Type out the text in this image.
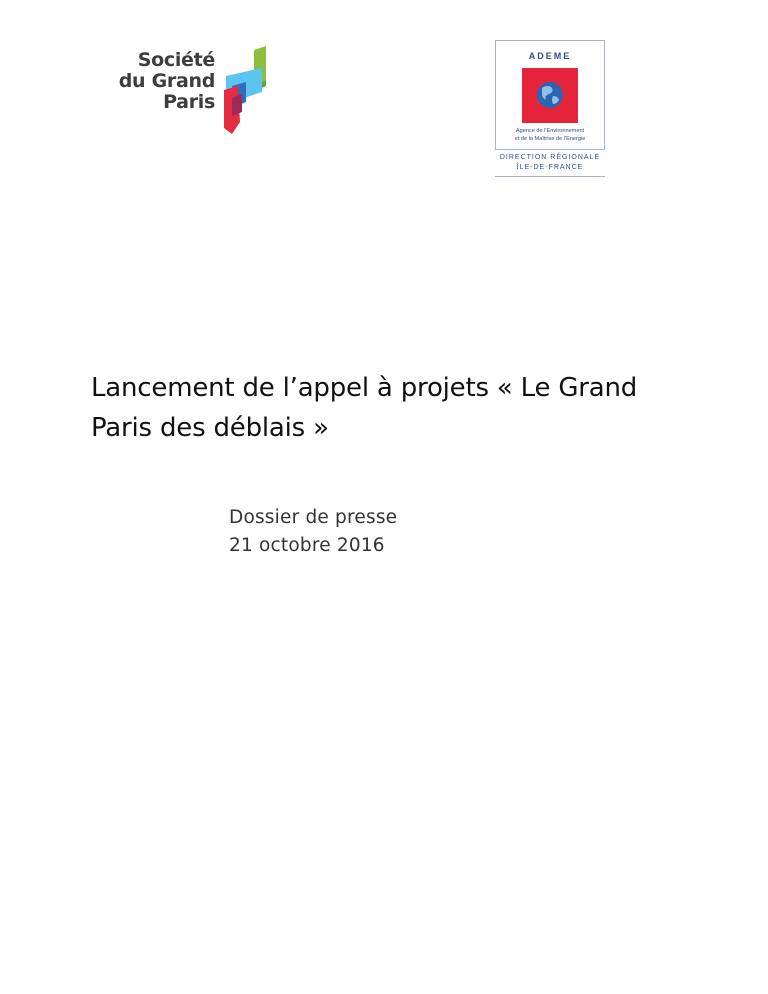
Société
du Grand
Paris
ADEME
Agence de l'Environnement
et de la Maîtrise de l'Energie
DIRECTION RÉGIONALE
ÎLE-DE-FRANCE
Lancement de l’appel à projets « Le Grand Paris des déblais »
Dossier de presse
21 octobre 2016
